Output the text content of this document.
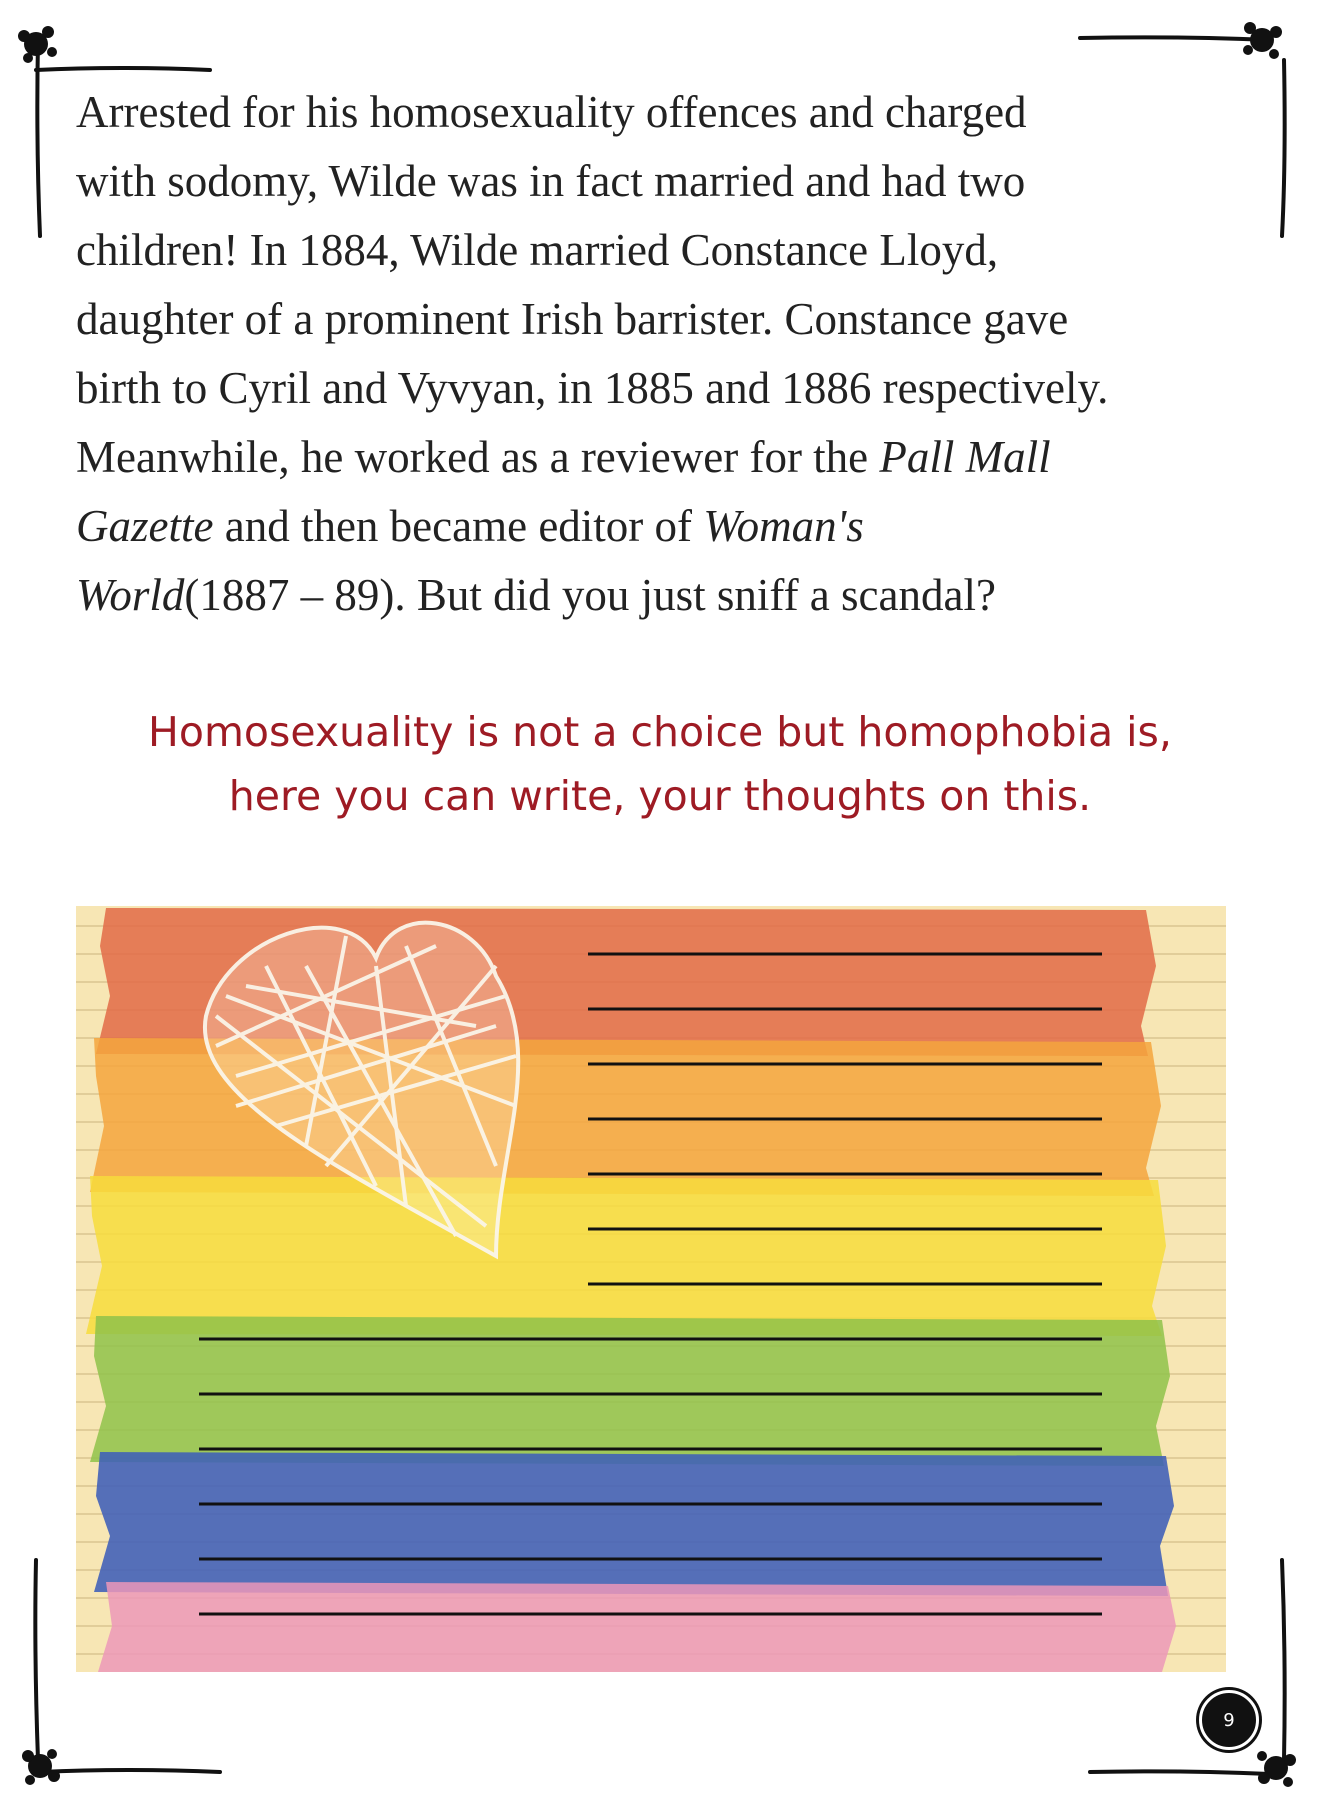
Arrested for his homosexuality offences and charged
with sodomy, Wilde was in fact married and had two
children! In 1884, Wilde married Constance Lloyd,
daughter of a prominent Irish barrister. Constance gave
birth to Cyril and Vyvyan, in 1885 and 1886 respectively.
Meanwhile, he worked as a reviewer for the Pall Mall
Gazette and then became editor of Woman's
World(1887 – 89). But did you just sniff a scandal?

Homosexuality is not a choice but homophobia is,
here you can write, your thoughts on this.

9
